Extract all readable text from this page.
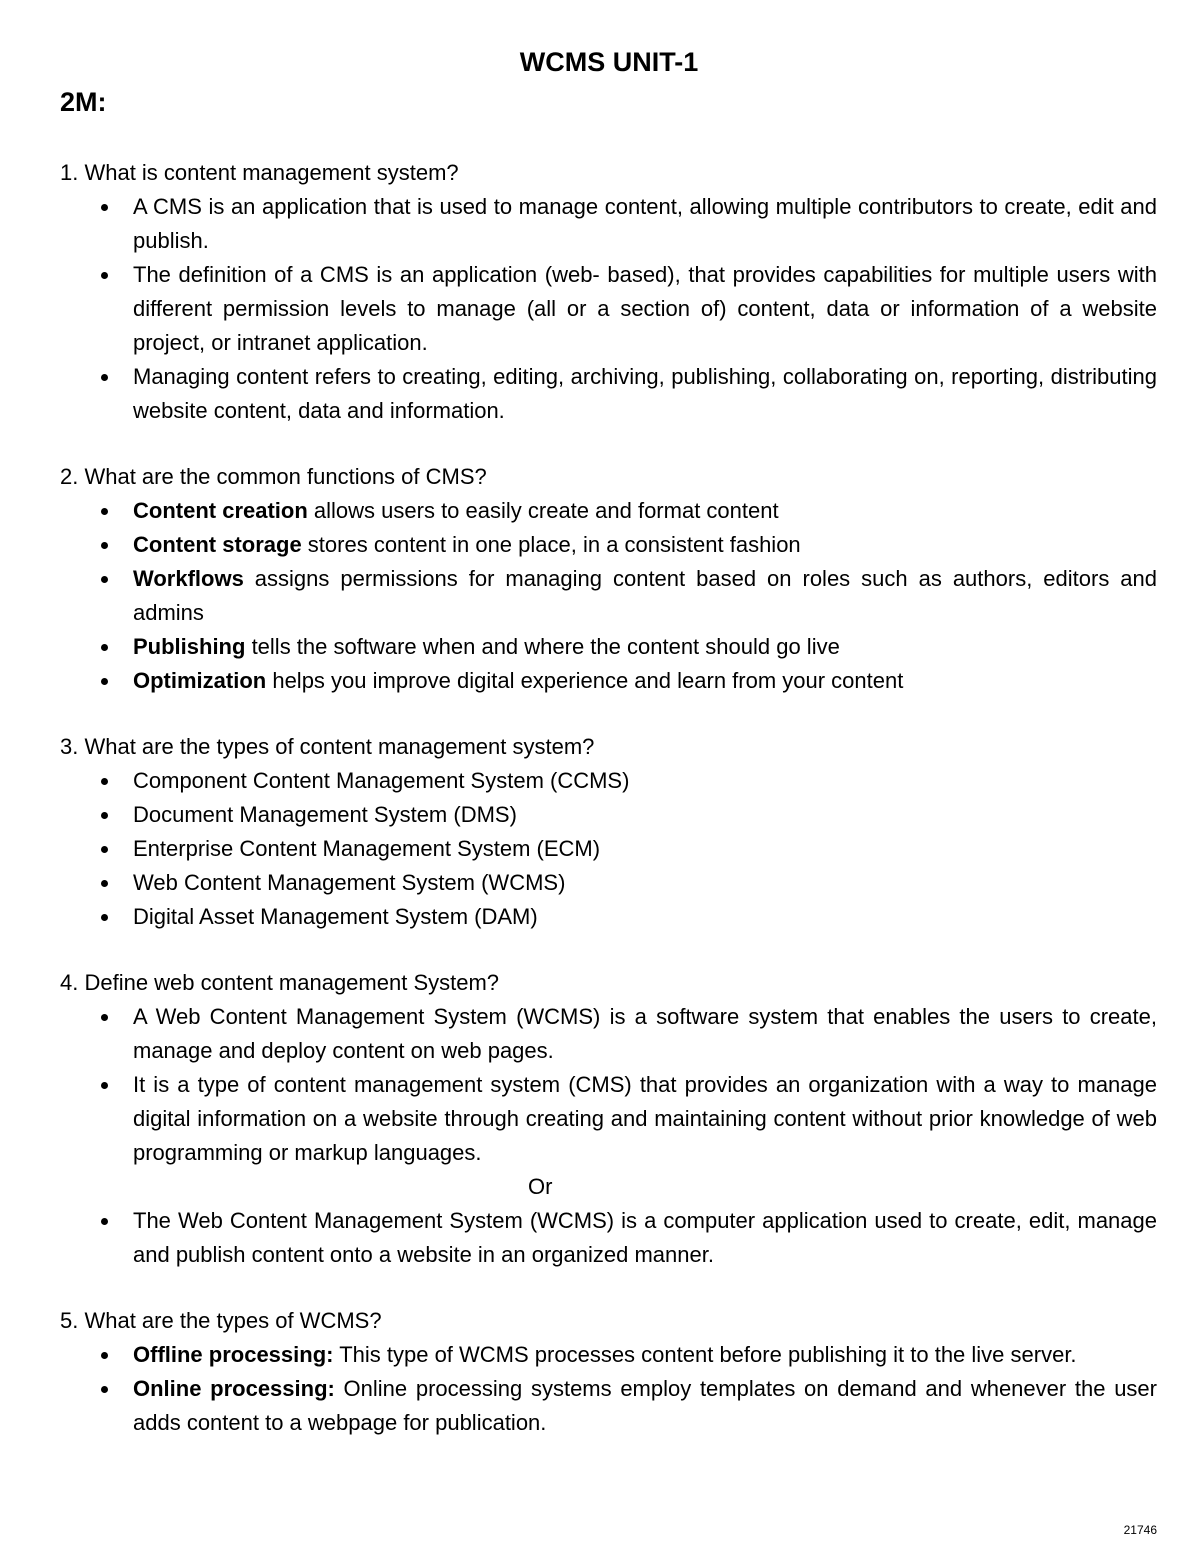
WCMS UNIT-1
2M:

1. What is content management system?

A CMS is an application that is used to manage content, allowing multiple contributors to create, edit and publish.
The definition of a CMS is an application (web- based), that provides capabilities for multiple users with different permission levels to manage (all or a section of) content, data or information of a website project, or intranet application.
Managing content refers to creating, editing, archiving, publishing, collaborating on, reporting, distributing website content, data and information.

2. What are the common functions of CMS?

Content creation allows users to easily create and format content
Content storage stores content in one place, in a consistent fashion
Workflows assigns permissions for managing content based on roles such as authors, editors and admins
Publishing tells the software when and where the content should go live
Optimization helps you improve digital experience and learn from your content

3. What are the types of content management system?

Component Content Management System (CCMS)
Document Management System (DMS)
Enterprise Content Management System (ECM)
Web Content Management System (WCMS)
Digital Asset Management System (DAM)

4. Define web content management System?

A Web Content Management System (WCMS) is a software system that enables the users to create, manage and deploy content on web pages.
It is a type of content management system (CMS) that provides an organization with a way to manage digital information on a website through creating and maintaining content without prior knowledge of web programming or markup languages.
Or
The Web Content Management System (WCMS) is a computer application used to create, edit, manage and publish content onto a website in an organized manner.

5. What are the types of WCMS?

Offline processing: This type of WCMS processes content before publishing it to the live server.
Online processing: Online processing systems employ templates on demand and whenever the user adds content to a webpage for publication.
21746
